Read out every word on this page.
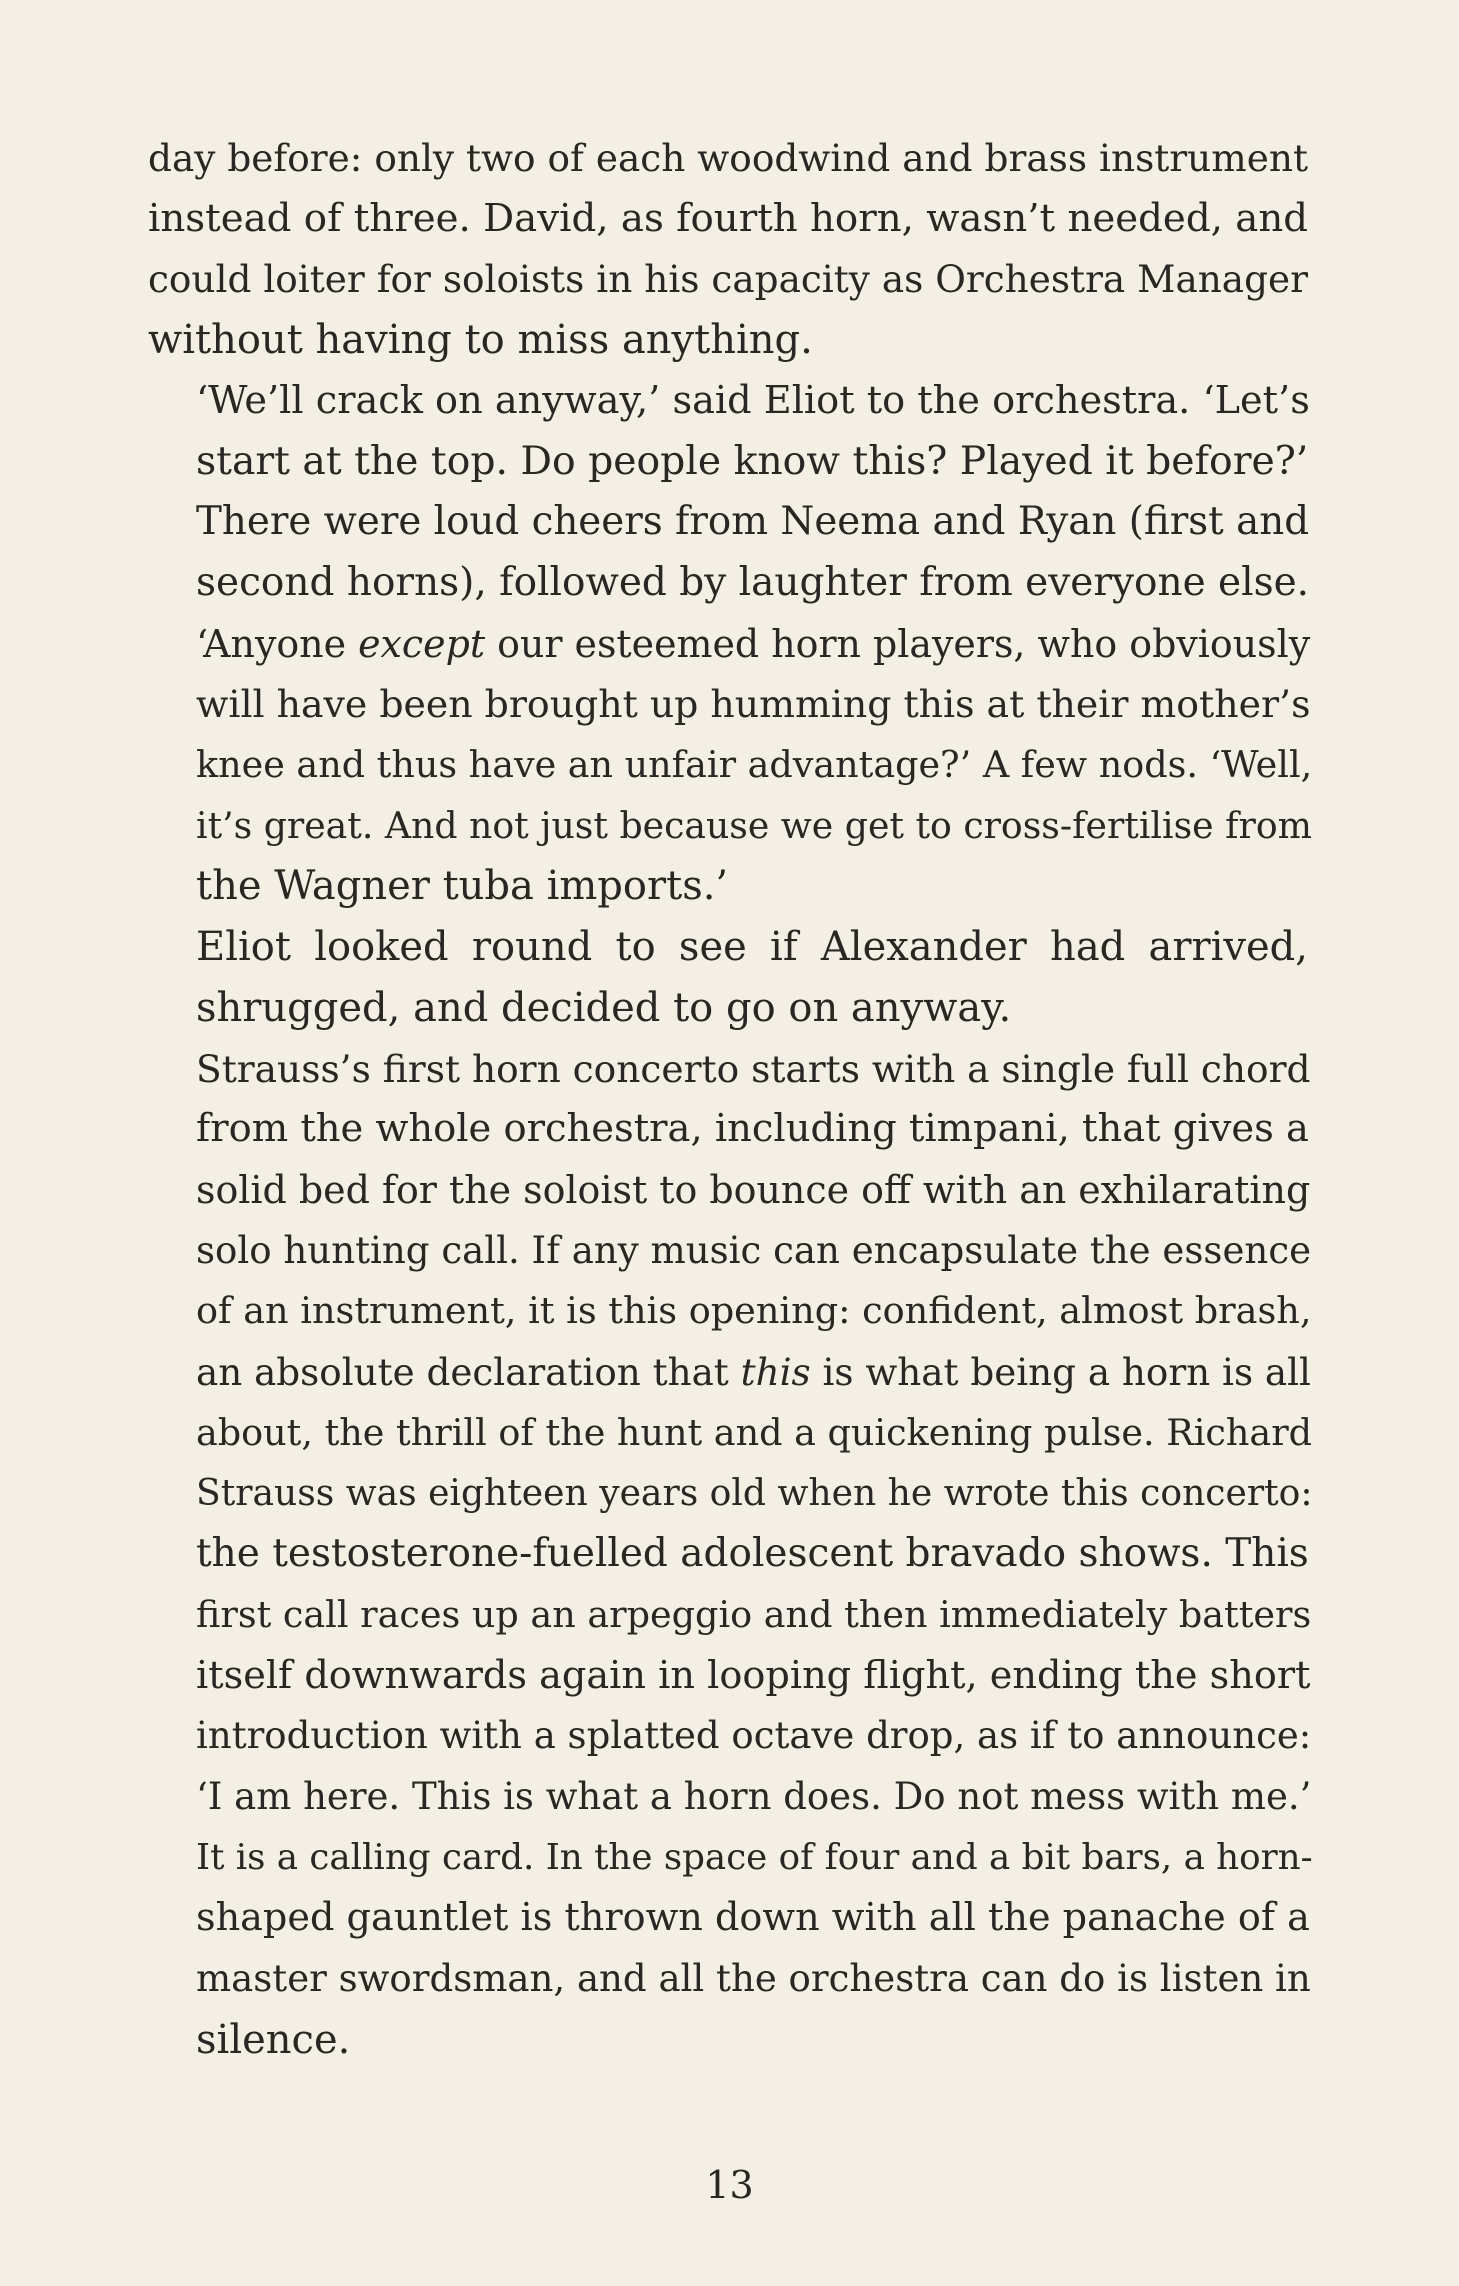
day before: only two of each woodwind and brass instrument
instead of three. David, as fourth horn, wasn’t needed, and
could loiter for soloists in his capacity as Orchestra Manager
without having to miss anything.
‘We’ll crack on anyway,’ said Eliot to the orchestra. ‘Let’s
start at the top. Do people know this? Played it before?’
There were loud cheers from Neema and Ryan (first and
second horns), followed by laughter from everyone else.
‘Anyone except our esteemed horn players, who obviously
will have been brought up humming this at their mother’s
knee and thus have an unfair advantage?’ A few nods. ‘Well,
it’s great. And not just because we get to cross-fertilise from
the Wagner tuba imports.’
Eliot looked round to see if Alexander had arrived,
shrugged, and decided to go on anyway.
Strauss’s first horn concerto starts with a single full chord
from the whole orchestra, including timpani, that gives a
solid bed for the soloist to bounce off with an exhilarating
solo hunting call. If any music can encapsulate the essence
of an instrument, it is this opening: confident, almost brash,
an absolute declaration that this is what being a horn is all
about, the thrill of the hunt and a quickening pulse. Richard
Strauss was eighteen years old when he wrote this concerto:
the testosterone-fuelled adolescent bravado shows. This
first call races up an arpeggio and then immediately batters
itself downwards again in looping flight, ending the short
introduction with a splatted octave drop, as if to announce:
‘I am here. This is what a horn does. Do not mess with me.’
It is a calling card. In the space of four and a bit bars, a horn-
shaped gauntlet is thrown down with all the panache of a
master swordsman, and all the orchestra can do is listen in
silence.
13
